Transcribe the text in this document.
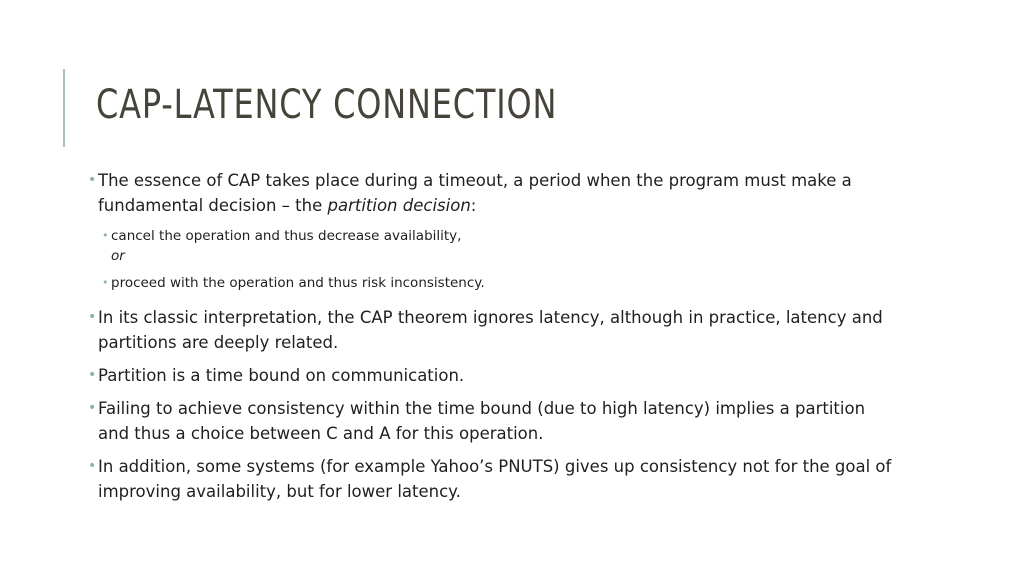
CAP-LATENCY CONNECTION
• The essence of CAP takes place during a timeout, a period when the program must make a fundamental decision – the partition decision:
• cancel the operation and thus decrease availability,
or
• proceed with the operation and thus risk inconsistency.
• In its classic interpretation, the CAP theorem ignores latency, although in practice, latency and partitions are deeply related.
• Partition is a time bound on communication.
• Failing to achieve consistency within the time bound (due to high latency) implies a partition and thus a choice between C and A for this operation.
• In addition, some systems (for example Yahoo’s PNUTS) gives up consistency not for the goal of improving availability, but for lower latency.
